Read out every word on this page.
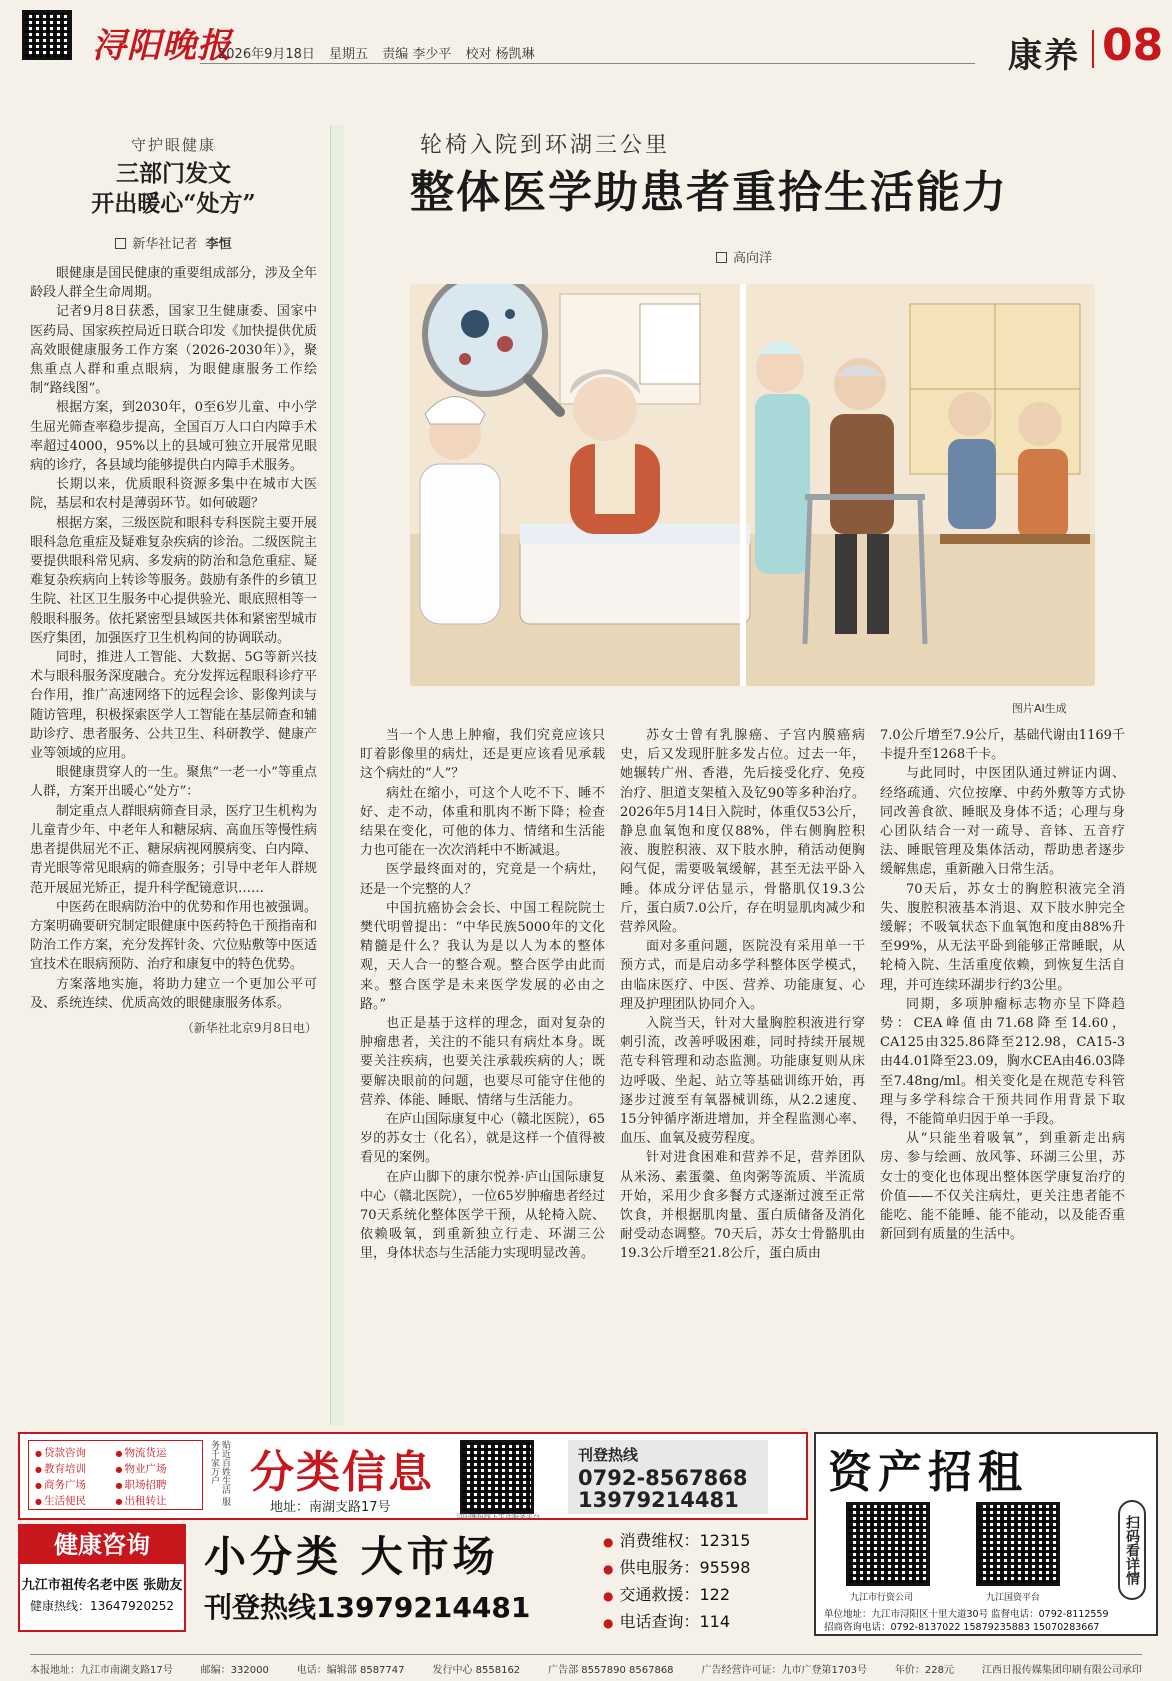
浔阳晚报
2026年9月18日 星期五 责编 李少平 校对 杨凯琳	康养 08
守护眼健康
三部门发文
开出暖心“处方”
新华社记者 李恒

眼健康是国民健康的重要组成部分，涉及全年龄段人群全生命周期。

记者9月8日获悉，国家卫生健康委、国家中医药局、国家疾控局近日联合印发《加快提供优质高效眼健康服务工作方案（2026-2030年）》，聚焦重点人群和重点眼病，为眼健康服务工作绘制“路线图”。

根据方案，到2030年，0至6岁儿童、中小学生屈光筛查率稳步提高，全国百万人口白内障手术率超过4000，95%以上的县域可独立开展常见眼病的诊疗，各县域均能够提供白内障手术服务。

长期以来，优质眼科资源多集中在城市大医院，基层和农村是薄弱环节。如何破题？

根据方案，三级医院和眼科专科医院主要开展眼科急危重症及疑难复杂疾病的诊治。二级医院主要提供眼科常见病、多发病的防治和急危重症、疑难复杂疾病向上转诊等服务。鼓励有条件的乡镇卫生院、社区卫生服务中心提供验光、眼底照相等一般眼科服务。依托紧密型县域医共体和紧密型城市医疗集团，加强医疗卫生机构间的协调联动。

同时，推进人工智能、大数据、5G等新兴技术与眼科服务深度融合。充分发挥远程眼科诊疗平台作用，推广高速网络下的远程会诊、影像判读与随访管理，积极探索医学人工智能在基层筛查和辅助诊疗、患者服务、公共卫生、科研教学、健康产业等领域的应用。

眼健康贯穿人的一生。聚焦“一老一小”等重点人群，方案开出暖心“处方”：

制定重点人群眼病筛查目录，医疗卫生机构为儿童青少年、中老年人和糖尿病、高血压等慢性病患者提供屈光不正、糖尿病视网膜病变、白内障、青光眼等常见眼病的筛查服务；引导中老年人群规范开展屈光矫正，提升科学配镜意识……

中医药在眼病防治中的优势和作用也被强调。方案明确要研究制定眼健康中医药特色干预指南和防治工作方案，充分发挥针灸、穴位贴敷等中医适宜技术在眼病预防、治疗和康复中的特色优势。

方案落地实施，将助力建立一个更加公平可及、系统连续、优质高效的眼健康服务体系。

（新华社北京9月8日电）
轮椅入院到环湖三公里
整体医学助患者重拾生活能力
高向洋
图片AI生成

当一个人患上肿瘤，我们究竟应该只盯着影像里的病灶，还是更应该看见承载这个病灶的“人”？

病灶在缩小，可这个人吃不下、睡不好、走不动，体重和肌肉不断下降；检查结果在变化，可他的体力、情绪和生活能力也可能在一次次消耗中不断减退。

医学最终面对的，究竟是一个病灶，还是一个完整的人？

中国抗癌协会会长、中国工程院院士樊代明曾提出：“中华民族5000年的文化精髓是什么？我认为是以人为本的整体观，天人合一的整合观。整合医学由此而来。整合医学是未来医学发展的必由之路。”

也正是基于这样的理念，面对复杂的肿瘤患者，关注的不能只有病灶本身。既要关注疾病，也要关注承载疾病的人；既要解决眼前的问题，也要尽可能守住他的营养、体能、睡眠、情绪与生活能力。

在庐山国际康复中心（赣北医院），65岁的苏女士（化名），就是这样一个值得被看见的案例。

在庐山脚下的康尔悦养·庐山国际康复中心（赣北医院），一位65岁肿瘤患者经过70天系统化整体医学干预，从轮椅入院、依赖吸氧，到重新独立行走、环湖三公里，身体状态与生活能力实现明显改善。

苏女士曾有乳腺癌、子宫内膜癌病史，后又发现肝脏多发占位。过去一年，她辗转广州、香港，先后接受化疗、免疫治疗、胆道支架植入及钇90等多种治疗。2026年5月14日入院时，体重仅53公斤，静息血氧饱和度仅88%，伴右侧胸腔积液、腹腔积液、双下肢水肿，稍活动便胸闷气促，需要吸氧缓解，甚至无法平卧入睡。体成分评估显示，骨骼肌仅19.3公斤，蛋白质7.0公斤，存在明显肌肉减少和营养风险。

面对多重问题，医院没有采用单一干预方式，而是启动多学科整体医学模式，由临床医疗、中医、营养、功能康复、心理及护理团队协同介入。

入院当天，针对大量胸腔积液进行穿刺引流，改善呼吸困难，同时持续开展规范专科管理和动态监测。功能康复则从床边呼吸、坐起、站立等基础训练开始，再逐步过渡至有氧器械训练，从2.2速度、15分钟循序渐进增加，并全程监测心率、血压、血氧及疲劳程度。

针对进食困难和营养不足，营养团队从米汤、素蛋羹、鱼肉粥等流质、半流质开始，采用少食多餐方式逐渐过渡至正常饮食，并根据肌肉量、蛋白质储备及消化耐受动态调整。70天后，苏女士骨骼肌由19.3公斤增至21.8公斤，蛋白质由

7.0公斤增至7.9公斤，基础代谢由1169千卡提升至1268千卡。

与此同时，中医团队通过辨证内调、经络疏通、穴位按摩、中药外敷等方式协同改善食欲、睡眠及身体不适；心理与身心团队结合一对一疏导、音钵、五音疗法、睡眠管理及集体活动，帮助患者逐步缓解焦虑，重新融入日常生活。

70天后，苏女士的胸腔积液完全消失、腹腔积液基本消退、双下肢水肿完全缓解；不吸氧状态下血氧饱和度由88%升至99%，从无法平卧到能够正常睡眠，从轮椅入院、生活重度依赖，到恢复生活自理，并可连续环湖步行约3公里。

同期，多项肿瘤标志物亦呈下降趋势：CEA峰值由71.68降至14.60，CA125由325.86降至212.98，CA15-3由44.01降至23.09，胸水CEA由46.03降至7.48ng/ml。相关变化是在规范专科管理与多学科综合干预共同作用背景下取得，不能简单归因于单一手段。

从“只能坐着吸氧”，到重新走出病房、参与绘画、放风筝、环湖三公里，苏女士的变化也体现出整体医学康复治疗的价值——不仅关注病灶，更关注患者能不能吃、能不能睡、能不能动，以及能否重新回到有质量的生活中。

● 贷款咨询	● 物流货运
● 教育培训	● 物业广场
● 商务广场	● 职场招聘
● 生活便民	● 出租转让	贴近百姓生活 服务千家万户 分类信息
地址：南湖支路17号
浔阳晚报线下生活服务平台
刊登热线
0792-8567868
13979214481
健康咨询
九江市祖传名老中医 张勋友
健康热线：13647920252
小分类 大市场
刊登热线13979214481
● 消费维权：12315
● 供电服务：95598
● 交通救援：122
● 电话查询：114
资产招租
九江市行资公司	九江国资平台
扫码看详情
单位地址：九江市浔阳区十里大道30号 监督电话：0792-8112559
招商咨询电话：0792-8137022 15879235883 15070283667
本报地址：九江市南湖支路17号	邮编：332000	电话：编辑部 8587747	发行中心 8558162	广告部 8557890 8567868	广告经营许可证：九市广登第1703号	年价：228元	江西日报传媒集团印刷有限公司承印
